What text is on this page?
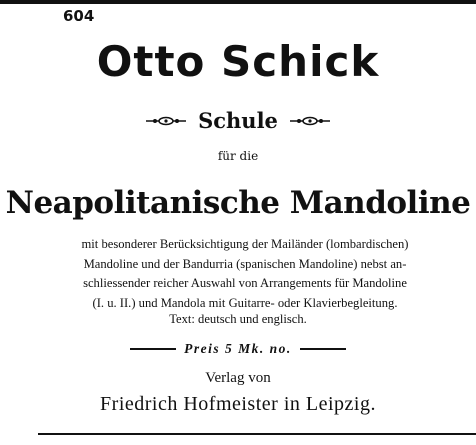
604
Otto Schick
Schule
für die
Neapolitanische Mandoline

mit besonderer Berücksichtigung der Mailänder (lombardischen)

Mandoline und der Bandurria (spanischen Mandoline) nebst an-

schliessender reicher Auswahl von Arrangements für Mandoline

(I. u. II.) und Mandola mit Guitarre- oder Klavierbegleitung.

Text: deutsch und englisch.
Preis 5 Mk. no.
Verlag von
Friedrich Hofmeister in Leipzig.
